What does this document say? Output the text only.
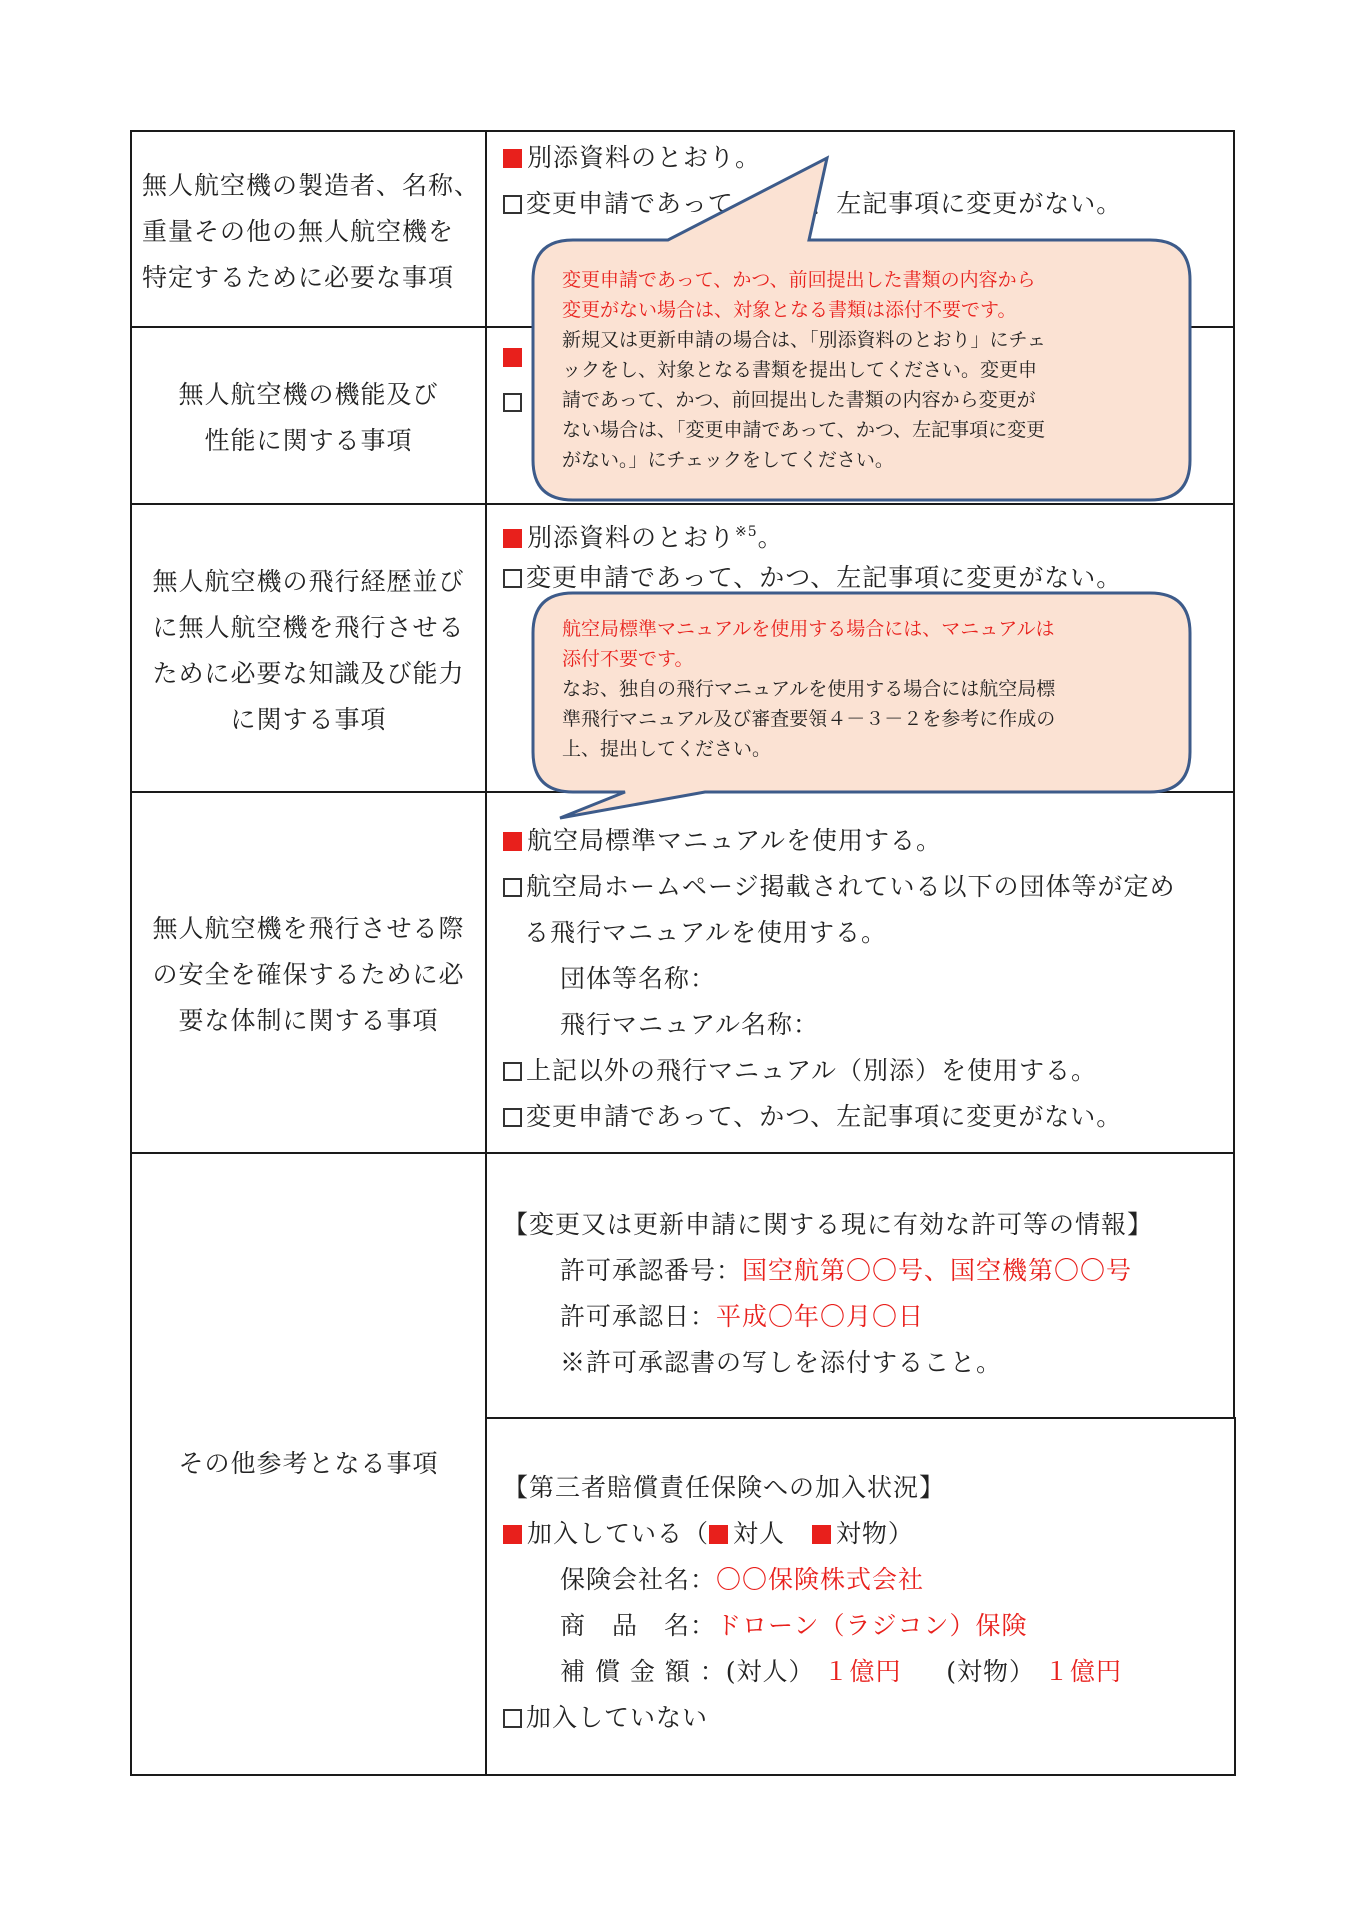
無人航空機の製造者、名称、
重量その他の無人航空機を
特定するために必要な事項
無人航空機の機能及び
性能に関する事項
無人航空機の飛行経歴並び
に無人航空機を飛行させる
ために必要な知識及び能力
に関する事項
無人航空機を飛行させる際
の安全を確保するために必
要な体制に関する事項
その他参考となる事項
別添資料のとおり。
変更申請であって、かつ、左記事項に変更がない。
別添資料のとおり$^{※5}$。
変更申請であって、かつ、左記事項に変更がない。
航空局標準マニュアルを使用する。
航空局ホームページ掲載されている以下の団体等が定め
る飛行マニュアルを使用する。
団体等名称：
飛行マニュアル名称：
上記以外の飛行マニュアル（別添）を使用する。
変更申請であって、かつ、左記事項に変更がない。
【変更又は更新申請に関する現に有効な許可等の情報】
許可承認番号：国空航第〇〇号、国空機第〇〇号
許可承認日：平成〇年〇月〇日
※許可承認書の写しを添付すること。
【第三者賠償責任保険への加入状況】
加入している（ 対人 対物）
保険会社名：〇〇保険株式会社
商　品　名：ドローン（ラジコン）保険
補 償 金 額 ：(対人） １億円 (対物） １億円
加入していない
変更申請であって、かつ、前回提出した書類の内容から
変更がない場合は、対象となる書類は添付不要です。
新規又は更新申請の場合は、「別添資料のとおり」にチェ
ックをし、対象となる書類を提出してください。変更申
請であって、かつ、前回提出した書類の内容から変更が
ない場合は、「変更申請であって、かつ、左記事項に変更
がない。」にチェックをしてください。
航空局標準マニュアルを使用する場合には、マニュアルは
添付不要です。
なお、独自の飛行マニュアルを使用する場合には航空局標
準飛行マニュアル及び審査要領４－３－２を参考に作成の
上、提出してください。
